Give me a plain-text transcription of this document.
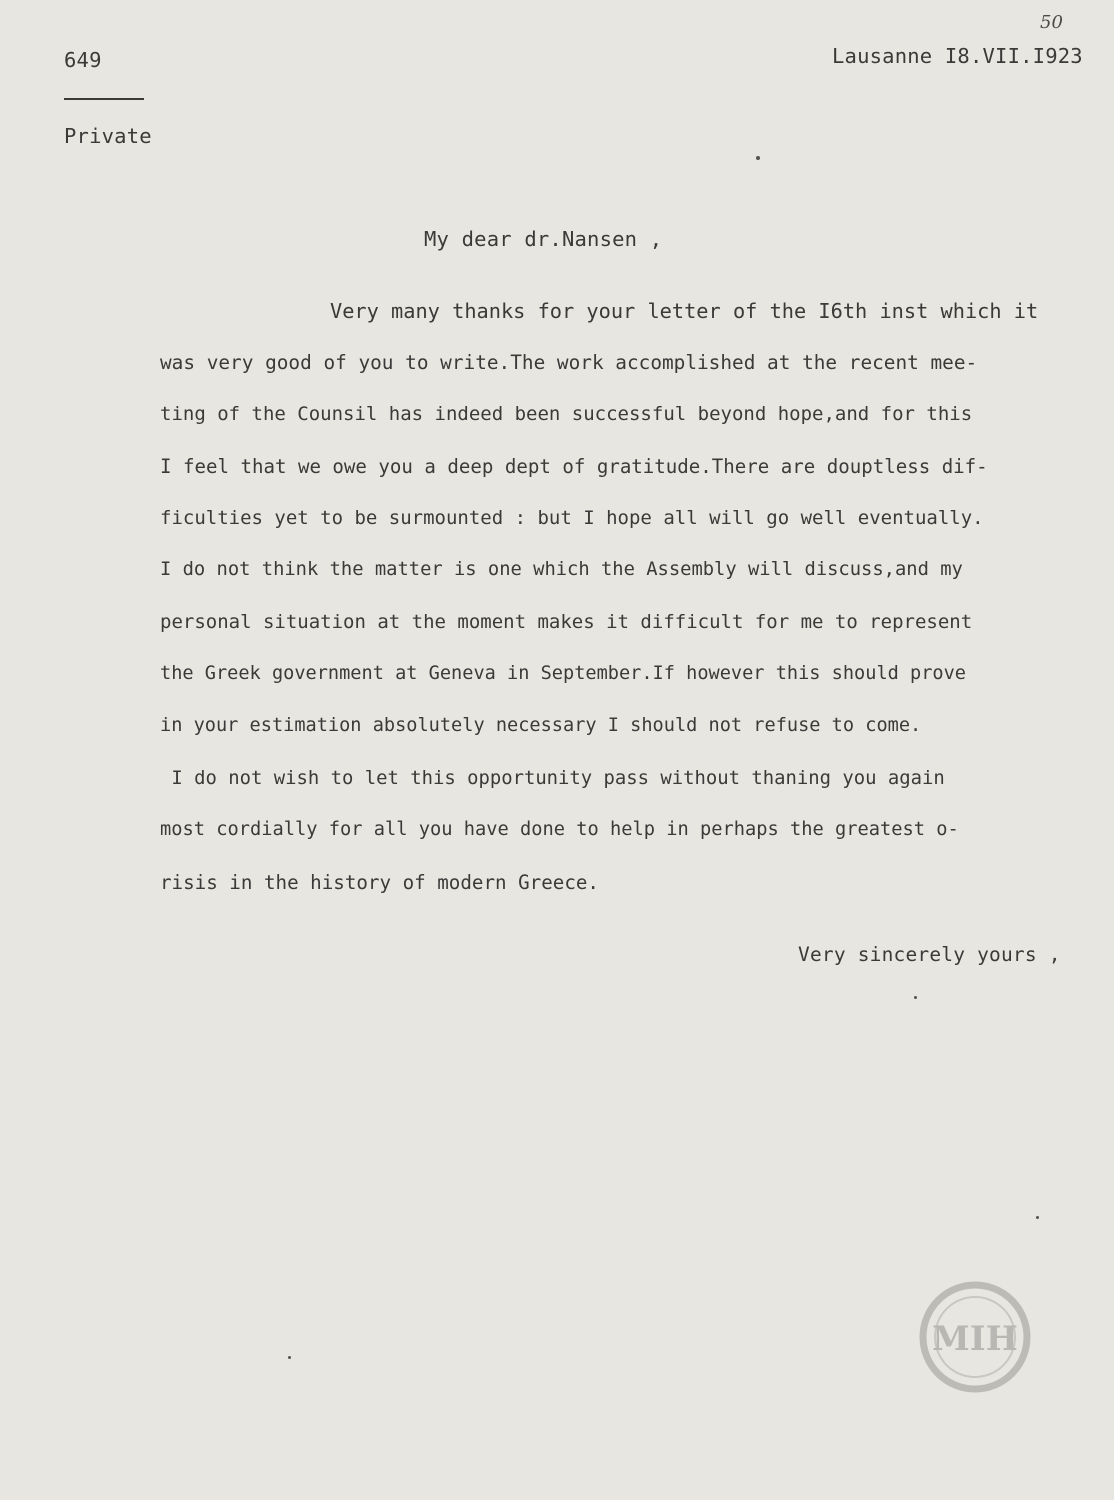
649
Private
50
Lausanne I8.VII.I923
My dear dr.Nansen ,
Very many thanks for your letter of the I6th inst which it
was very good of you to write.The work accomplished at the recent mee-
ting of the Counsil has indeed been successful beyond hope,and for this
I feel that we owe you a deep dept of gratitude.There are douptless dif-
ficulties yet to be surmounted : but I hope all will go well eventually.
I do not think the matter is one which the Assembly will discuss,and my
personal situation at the moment makes it difficult for me to represent
the Greek government at Geneva in September.If however this should prove
in your estimation absolutely necessary I should not refuse to come.
I do not wish to let this opportunity pass without thaning you again
most cordially for all you have done to help in perhaps the greatest o-
risis in the history of modern Greece.
Very sincerely yours ,
ΜΙΗ
